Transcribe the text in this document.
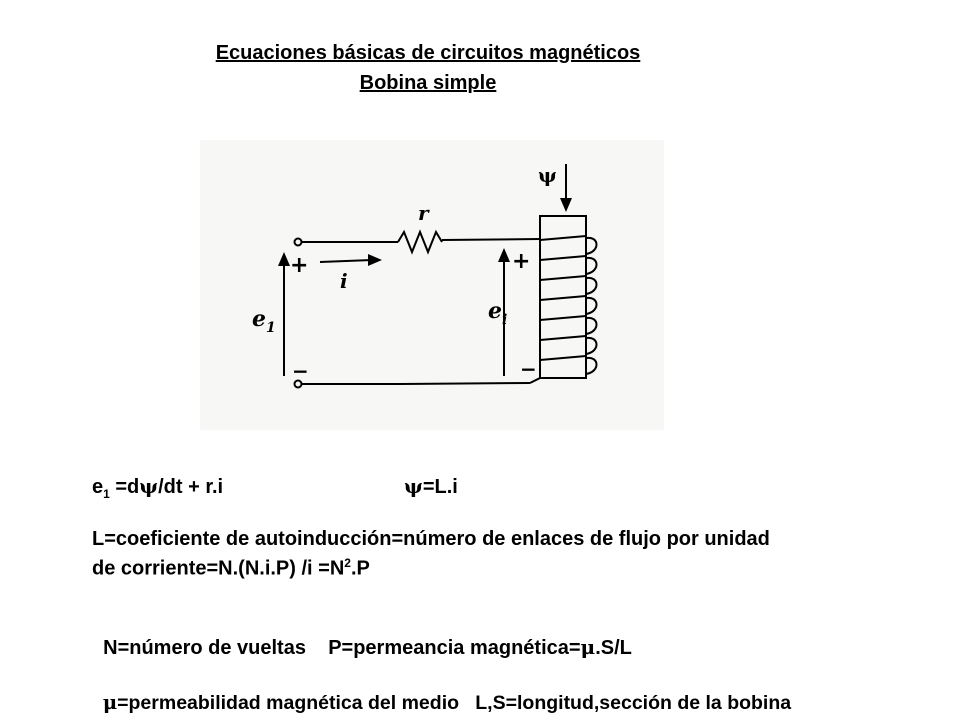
Ecuaciones básicas de circuitos magnéticos
Bobina simple
ψ
r
i
+
−
$e_1$
+
−
$e_i$
$e_1 =d\psi/dt + r.i$	ψ=L.i
L=coeficiente de autoinducción=número de enlaces de flujo por unidad
de corriente=N.(N.i.P) $/i =N^2.P$

N=número de vueltas    P=permeancia magnética=μ.S/L

μ=permeabilidad magnética del medio   L,S=longitud,sección de la bobina
